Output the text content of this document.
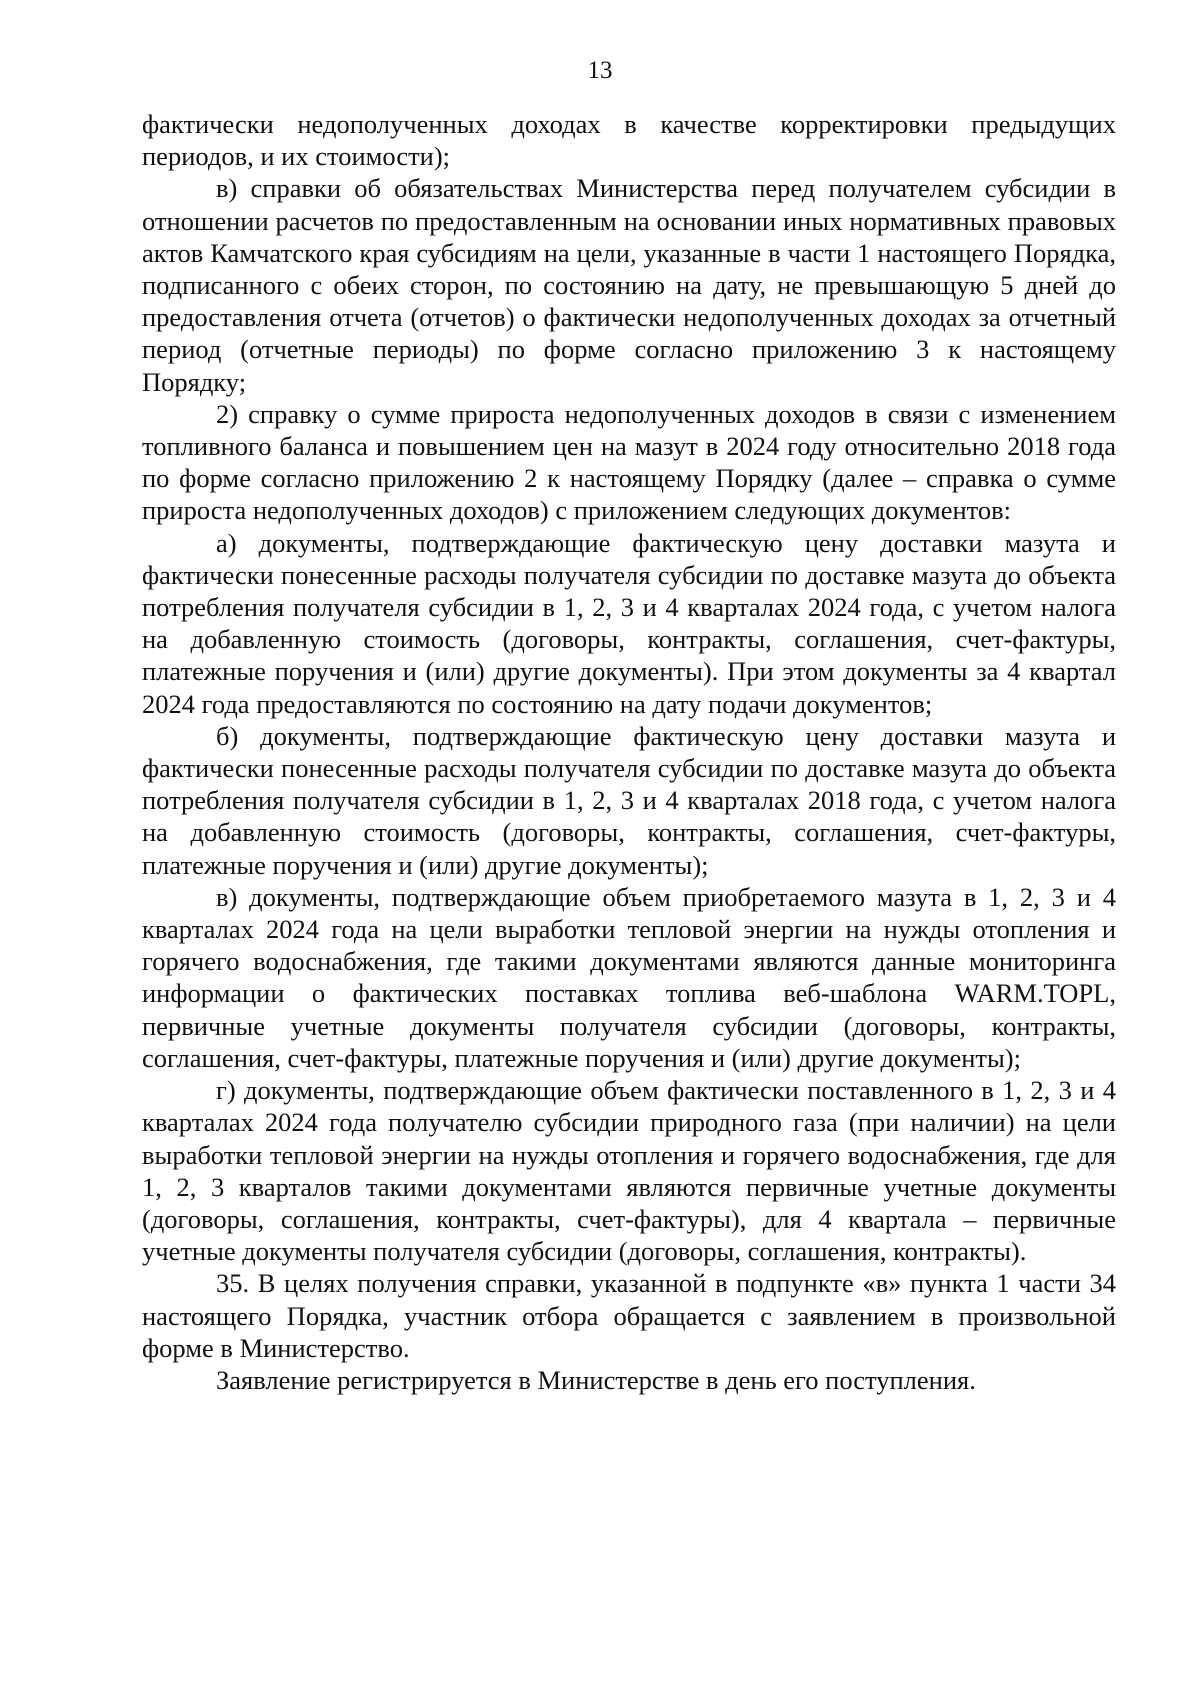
13

фактически недополученных доходах в качестве корректировки предыдущих периодов, и их стоимости);

в) справки об обязательствах Министерства перед получателем субсидии в отношении расчетов по предоставленным на основании иных нормативных правовых актов Камчатского края субсидиям на цели, указанные в части 1 настоящего Порядка, подписанного с обеих сторон, по состоянию на дату, не превышающую 5 дней до предоставления отчета (отчетов) о фактически недополученных доходах за отчетный период (отчетные периоды) по форме согласно приложению 3 к настоящему Порядку;

2) справку о сумме прироста недополученных доходов в связи с изменением топливного баланса и повышением цен на мазут в 2024 году относительно 2018 года по форме согласно приложению 2 к настоящему Порядку (далее – справка о сумме прироста недополученных доходов) с приложением следующих документов:

а) документы, подтверждающие фактическую цену доставки мазута и фактически понесенные расходы получателя субсидии по доставке мазута до объекта потребления получателя субсидии в 1, 2, 3 и 4 кварталах 2024 года, с учетом налога на добавленную стоимость (договоры, контракты, соглашения, счет-фактуры, платежные поручения и (или) другие документы). При этом документы за 4 квартал 2024 года предоставляются по состоянию на дату подачи документов;

б) документы, подтверждающие фактическую цену доставки мазута и фактически понесенные расходы получателя субсидии по доставке мазута до объекта потребления получателя субсидии в 1, 2, 3 и 4 кварталах 2018 года, с учетом налога на добавленную стоимость (договоры, контракты, соглашения, счет-фактуры, платежные поручения и (или) другие документы);

в) документы, подтверждающие объем приобретаемого мазута в 1, 2, 3 и 4 кварталах 2024 года на цели выработки тепловой энергии на нужды отопления и горячего водоснабжения, где такими документами являются данные мониторинга информации о фактических поставках топлива веб-шаблона WARM.TOPL, первичные учетные документы получателя субсидии (договоры, контракты, соглашения, счет-фактуры, платежные поручения и (или) другие документы);

г) документы, подтверждающие объем фактически поставленного в 1, 2, 3 и 4 кварталах 2024 года получателю субсидии природного газа (при наличии) на цели выработки тепловой энергии на нужды отопления и горячего водоснабжения, где для 1, 2, 3 кварталов такими документами являются первичные учетные документы (договоры, соглашения, контракты, счет-фактуры), для 4 квартала – первичные учетные документы получателя субсидии (договоры, соглашения, контракты).

35. В целях получения справки, указанной в подпункте «в» пункта 1 части 34 настоящего Порядка, участник отбора обращается с заявлением в произвольной форме в Министерство.

Заявление регистрируется в Министерстве в день его поступления.
